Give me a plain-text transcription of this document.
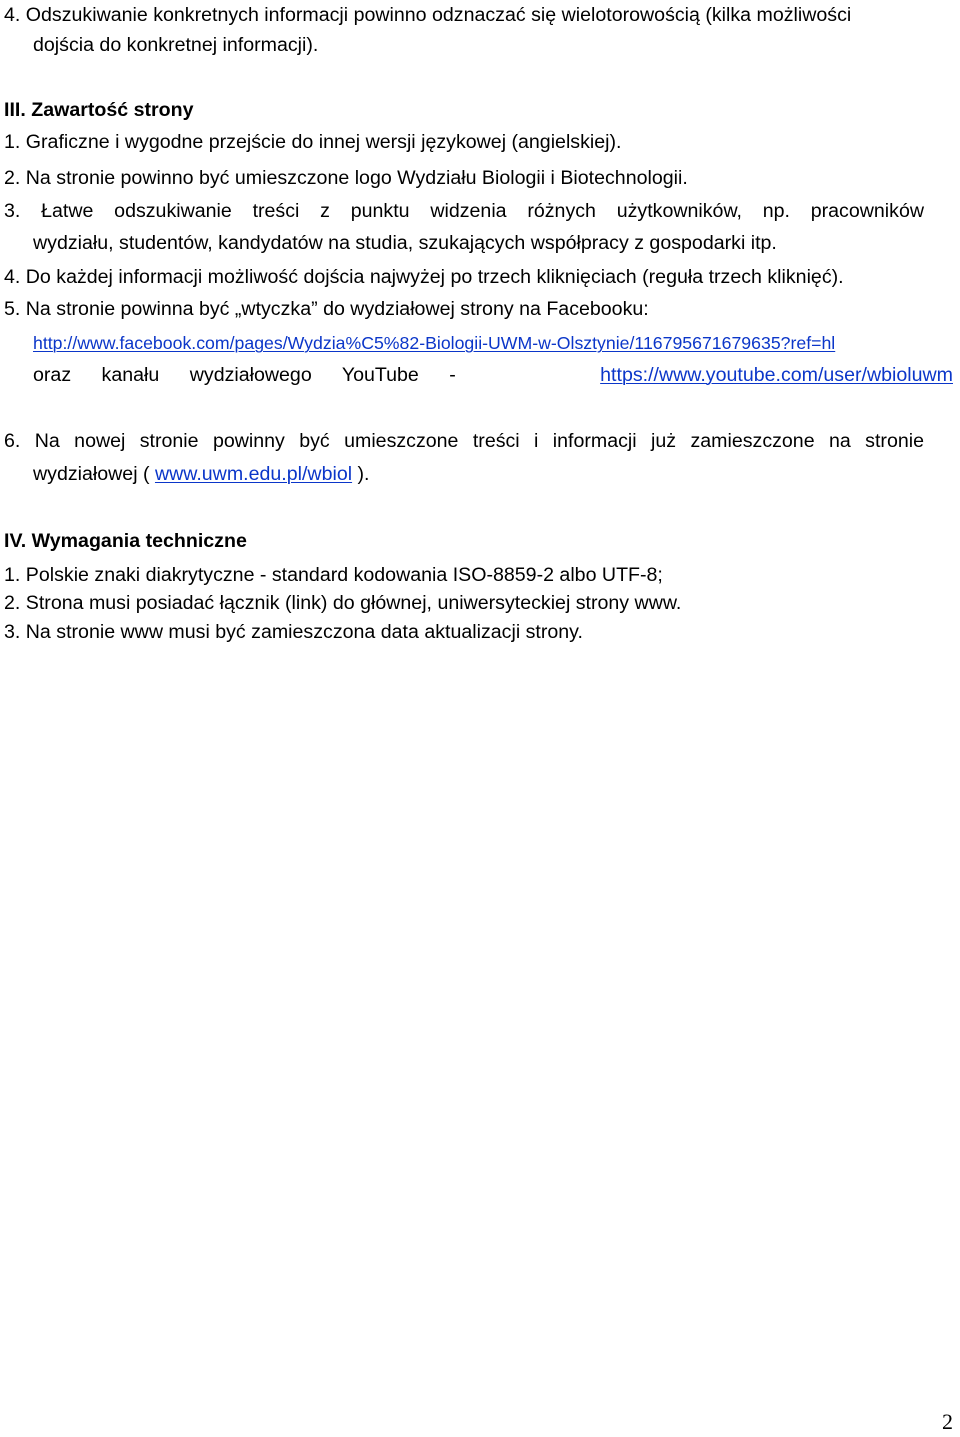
4. Odszukiwanie konkretnych informacji powinno odznaczać się wielotorowością (kilka możliwości
dojścia do konkretnej informacji).
III. Zawartość strony
1. Graficzne i wygodne przejście do innej wersji językowej (angielskiej).
2. Na stronie powinno być umieszczone logo Wydziału Biologii i Biotechnologii.
3. Łatwe odszukiwanie treści z punktu widzenia różnych użytkowników, np. pracowników
wydziału, studentów, kandydatów na studia, szukających współpracy z gospodarki itp.
4. Do każdej informacji możliwość dojścia najwyżej po trzech kliknięciach (reguła trzech kliknięć).
5. Na stronie powinna być „wtyczka” do wydziałowej strony na Facebooku:
http://www.facebook.com/pages/Wydzia%C5%82-Biologii-UWM-w-Olsztynie/116795671679635?ref=hl
oraz kanału wydziałowego YouTube -	https://www.youtube.com/user/wbioluwm
6. Na nowej stronie powinny być umieszczone treści i informacji już zamieszczone na stronie
wydziałowej ( www.uwm.edu.pl/wbiol ).
IV. Wymagania techniczne
1. Polskie znaki diakrytyczne - standard kodowania ISO-8859-2 albo UTF-8;
2. Strona musi posiadać łącznik (link) do głównej, uniwersyteckiej strony www.
3. Na stronie www musi być zamieszczona data aktualizacji strony.
2
